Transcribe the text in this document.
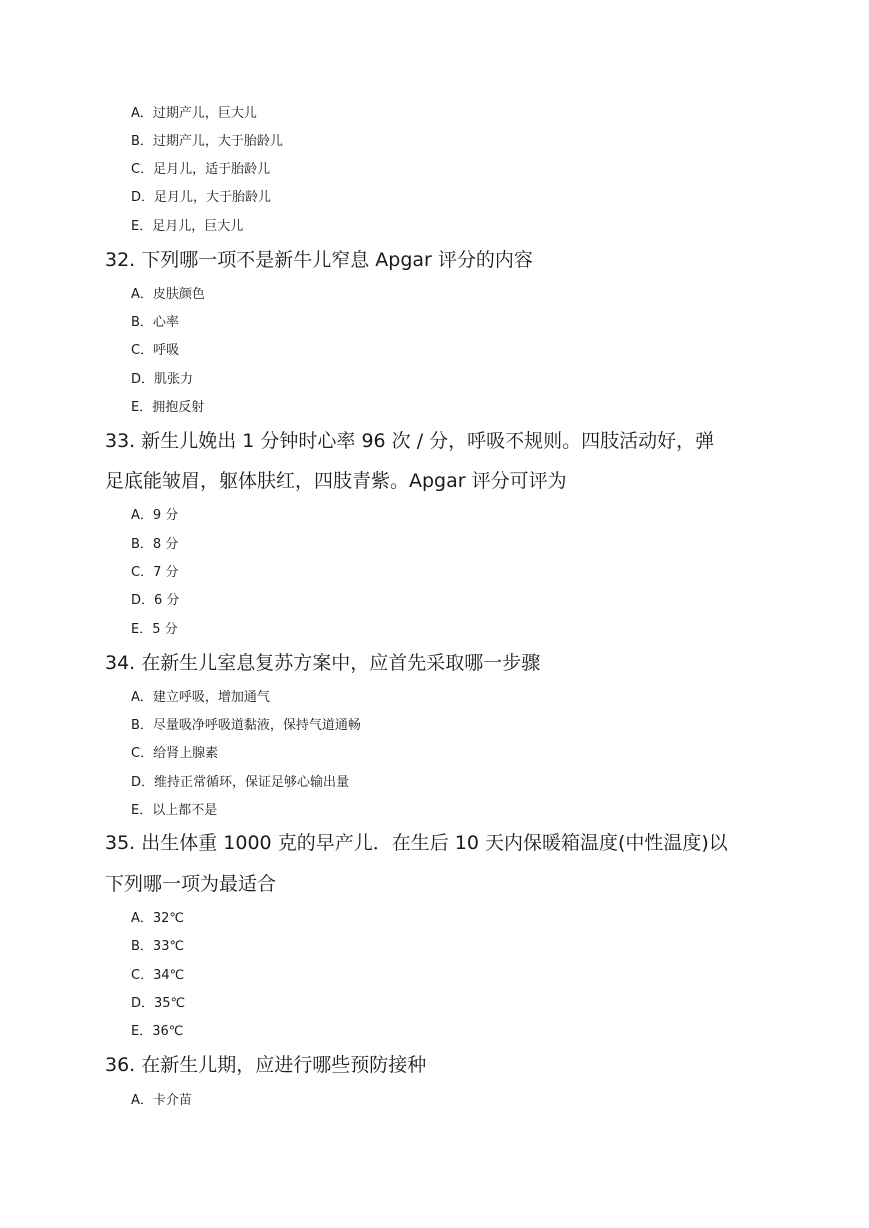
A．过期产儿，巨大儿
B．过期产儿，大于胎龄儿
C．足月儿，适于胎龄儿
D．足月儿，大于胎龄儿
E．足月儿，巨大儿
32. 下列哪一项不是新牛儿窄息 Apgar 评分的内容
A．皮肤颜色
B．心率
C．呼吸
D．肌张力
E．拥抱反射
33. 新生儿娩出 1 分钟时心率 96 次 / 分，呼吸不规则。四肢活动好，弹
足底能皱眉，躯体肤红，四肢青紫。Apgar 评分可评为
A．9 分
B．8 分
C．7 分
D．6 分
E．5 分
34. 在新生儿室息复苏方案中，应首先采取哪一步骤
A．建立呼吸，增加通气
B．尽量吸净呼吸道黏液，保持气道通畅
C．给肾上腺素
D．维持正常循环，保证足够心输出量
E．以上都不是
35. 出生体重 1000 克的早产儿．在生后 10 天内保暖箱温度(中性温度)以
下列哪一项为最适合
A．32℃
B．33℃
C．34℃
D．35℃
E．36℃
36. 在新生儿期，应进行哪些预防接种
A．卡介苗
